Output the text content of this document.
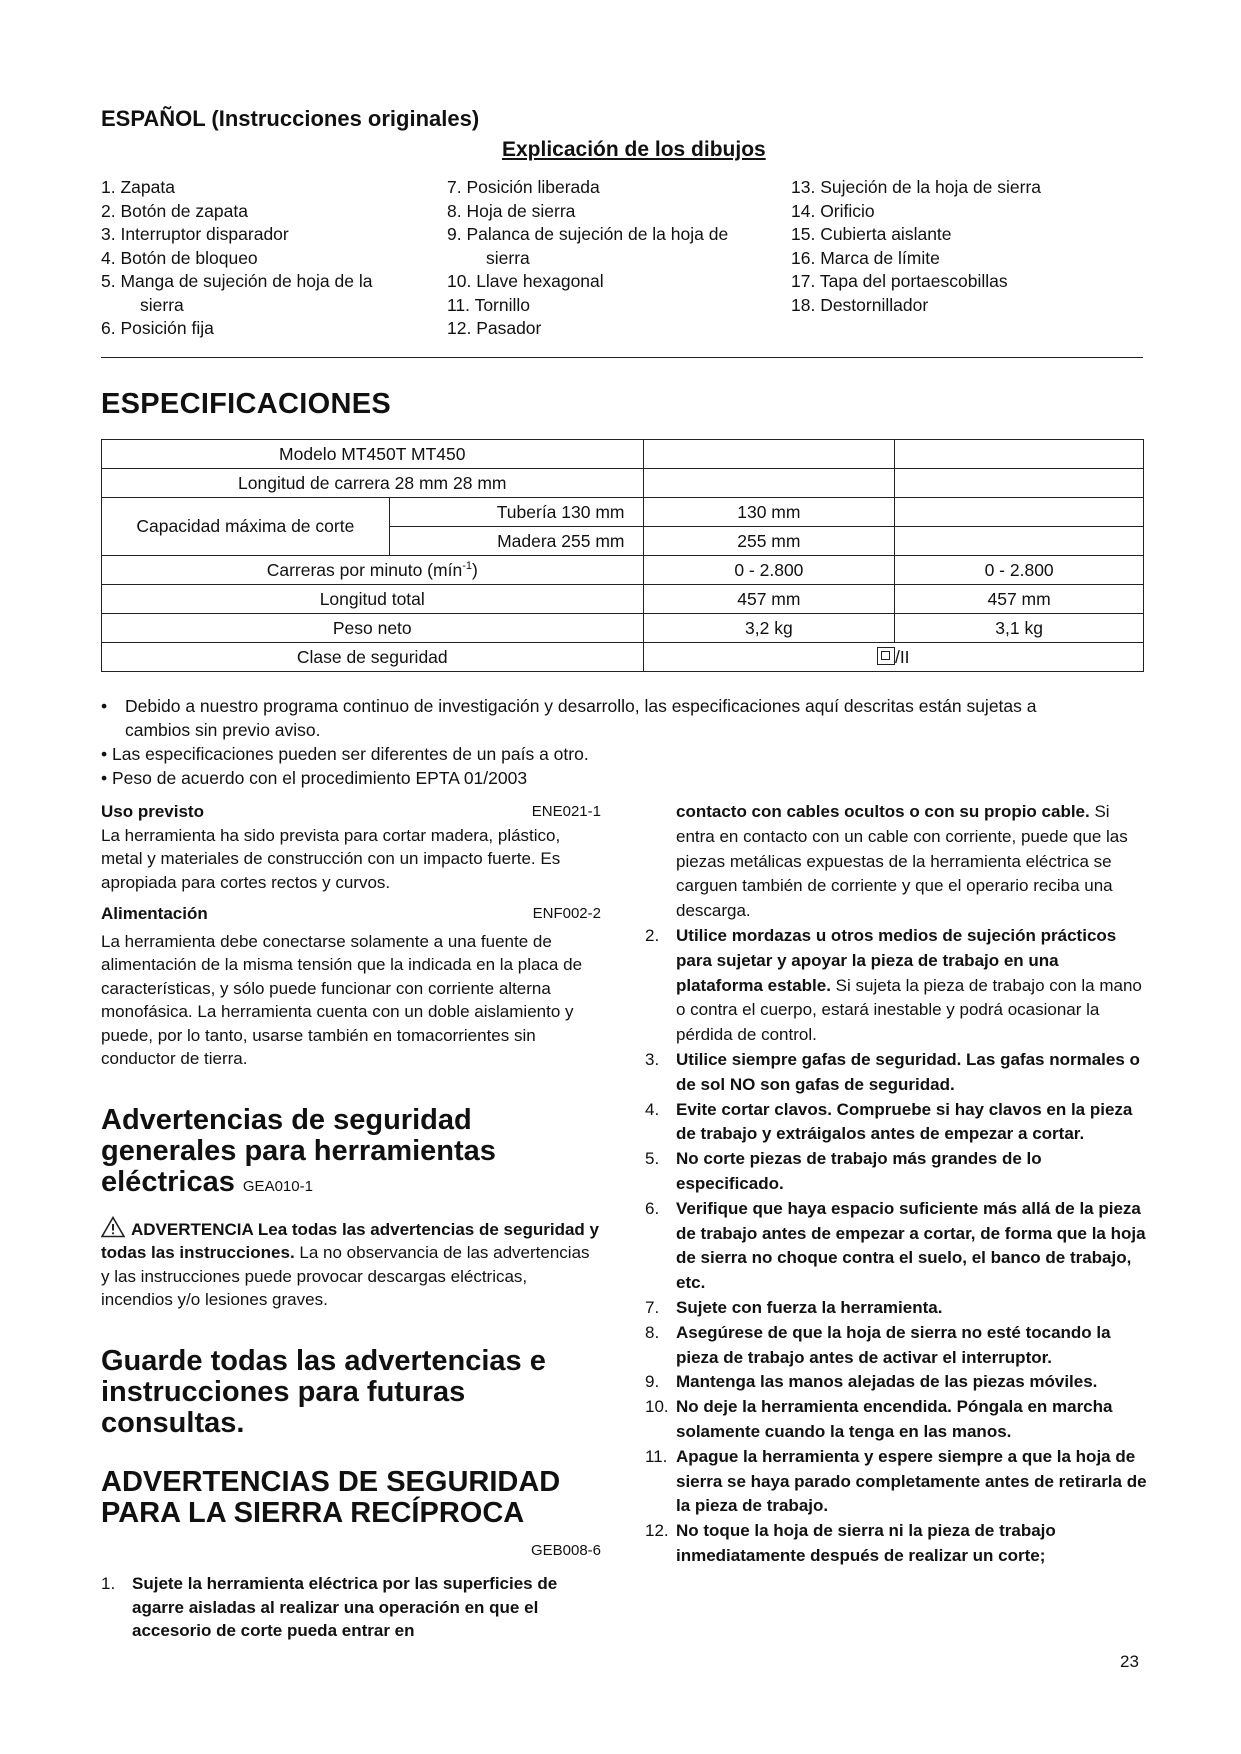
ESPAÑOL (Instrucciones originales)
Explicación de los dibujos
1. Zapata
2. Botón de zapata
3. Interruptor disparador
4. Botón de bloqueo
5. Manga de sujeción de hoja de la
sierra
6. Posición fija
7. Posición liberada
8. Hoja de sierra
9. Palanca de sujeción de la hoja de
sierra
10. Llave hexagonal
11. Tornillo
12. Pasador
13. Sujeción de la hoja de sierra
14. Orificio
15. Cubierta aislante
16. Marca de límite
17. Tapa del portaescobillas
18. Destornillador
ESPECIFICACIONES
Modelo MT450T MT450			
Longitud de carrera 28 mm 28 mm			
Capacidad máxima de corte	Tubería 130 mm	130 mm	
	Madera 255 mm	255 mm	
Carreras por minuto (mín$^{-1}$)		0 - 2.800	0 - 2.800
Longitud total		457 mm	457 mm
Peso neto		3,2 kg	3,1 kg
Clase de seguridad		/II	
• Debido a nuestro programa continuo de investigación y desarrollo, las especificaciones aquí descritas están sujetas a
cambios sin previo aviso.
• Las especificaciones pueden ser diferentes de un país a otro.
• Peso de acuerdo con el procedimiento EPTA 01/2003
Uso previsto	ENE021-1
La herramienta ha sido prevista para cortar madera, plástico, metal y materiales de construcción con un impacto fuerte. Es apropiada para cortes rectos y curvos.
Alimentación	ENF002-2
La herramienta debe conectarse solamente a una fuente de alimentación de la misma tensión que la indicada en la placa de características, y sólo puede funcionar con corriente alterna monofásica. La herramienta cuenta con un doble aislamiento y puede, por lo tanto, usarse también en tomacorrientes sin conductor de tierra.
Advertencias de seguridad generales para herramientas eléctricas GEA010-1
ADVERTENCIA Lea todas las advertencias de seguridad y todas las instrucciones. La no observancia de las advertencias y las instrucciones puede provocar descargas eléctricas, incendios y/o lesiones graves.
Guarde todas las advertencias e instrucciones para futuras consultas.
ADVERTENCIAS DE SEGURIDAD PARA LA SIERRA RECÍPROCA
GEB008-6
1. Sujete la herramienta eléctrica por las superficies de agarre aisladas al realizar una operación en que el accesorio de corte pueda entrar en
contacto con cables ocultos o con su propio cable. Si entra en contacto con un cable con corriente, puede que las piezas metálicas expuestas de la herramienta eléctrica se carguen también de corriente y que el operario reciba una descarga.
2. Utilice mordazas u otros medios de sujeción prácticos para sujetar y apoyar la pieza de trabajo en una plataforma estable. Si sujeta la pieza de trabajo con la mano o contra el cuerpo, estará inestable y podrá ocasionar la pérdida de control.
3. Utilice siempre gafas de seguridad. Las gafas normales o de sol NO son gafas de seguridad.
4. Evite cortar clavos. Compruebe si hay clavos en la pieza de trabajo y extráigalos antes de empezar a cortar.
5. No corte piezas de trabajo más grandes de lo especificado.
6. Verifique que haya espacio suficiente más allá de la pieza de trabajo antes de empezar a cortar, de forma que la hoja de sierra no choque contra el suelo, el banco de trabajo, etc.
7. Sujete con fuerza la herramienta.
8. Asegúrese de que la hoja de sierra no esté tocando la pieza de trabajo antes de activar el interruptor.
9. Mantenga las manos alejadas de las piezas móviles.
10. No deje la herramienta encendida. Póngala en marcha solamente cuando la tenga en las manos.
11. Apague la herramienta y espere siempre a que la hoja de sierra se haya parado completamente antes de retirarla de la pieza de trabajo.
12. No toque la hoja de sierra ni la pieza de trabajo inmediatamente después de realizar un corte;
23
